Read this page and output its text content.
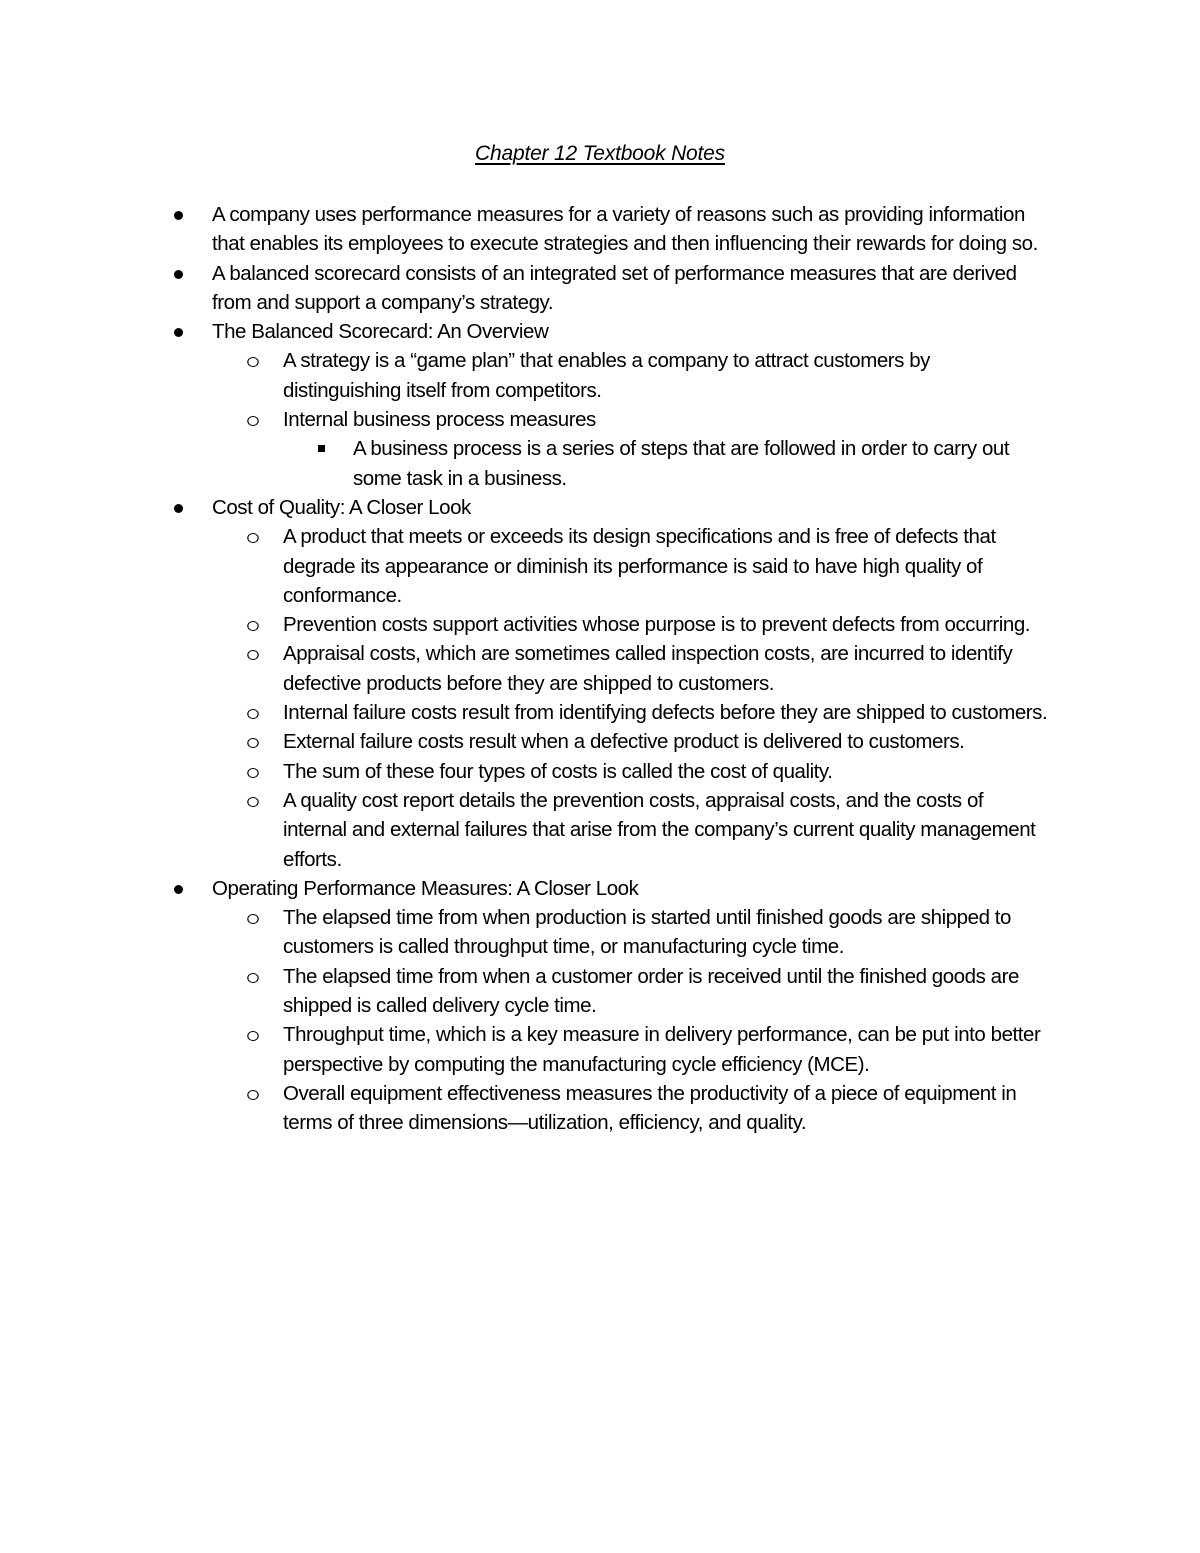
Chapter 12 Textbook Notes
A company uses performance measures for a variety of reasons such as providing information that enables its employees to execute strategies and then influencing their rewards for doing so.
A balanced scorecard consists of an integrated set of performance measures that are derived from and support a company’s strategy.
The Balanced Scorecard: An Overview
A strategy is a “game plan” that enables a company to attract customers by distinguishing itself from competitors.
Internal business process measures
A business process is a series of steps that are followed in order to carry out some task in a business.
Cost of Quality: A Closer Look
A product that meets or exceeds its design specifications and is free of defects that degrade its appearance or diminish its performance is said to have high quality of conformance.
Prevention costs support activities whose purpose is to prevent defects from occurring.
Appraisal costs, which are sometimes called inspection costs, are incurred to identify defective products before they are shipped to customers.
Internal failure costs result from identifying defects before they are shipped to customers.
External failure costs result when a defective product is delivered to customers.
The sum of these four types of costs is called the cost of quality.
A quality cost report details the prevention costs, appraisal costs, and the costs of internal and external failures that arise from the company’s current quality management efforts.
Operating Performance Measures: A Closer Look
The elapsed time from when production is started until finished goods are shipped to customers is called throughput time, or manufacturing cycle time.
The elapsed time from when a customer order is received until the finished goods are shipped is called delivery cycle time.
Throughput time, which is a key measure in delivery performance, can be put into better perspective by computing the manufacturing cycle efficiency (MCE).
Overall equipment effectiveness measures the productivity of a piece of equipment in terms of three dimensions—utilization, efficiency, and quality.
